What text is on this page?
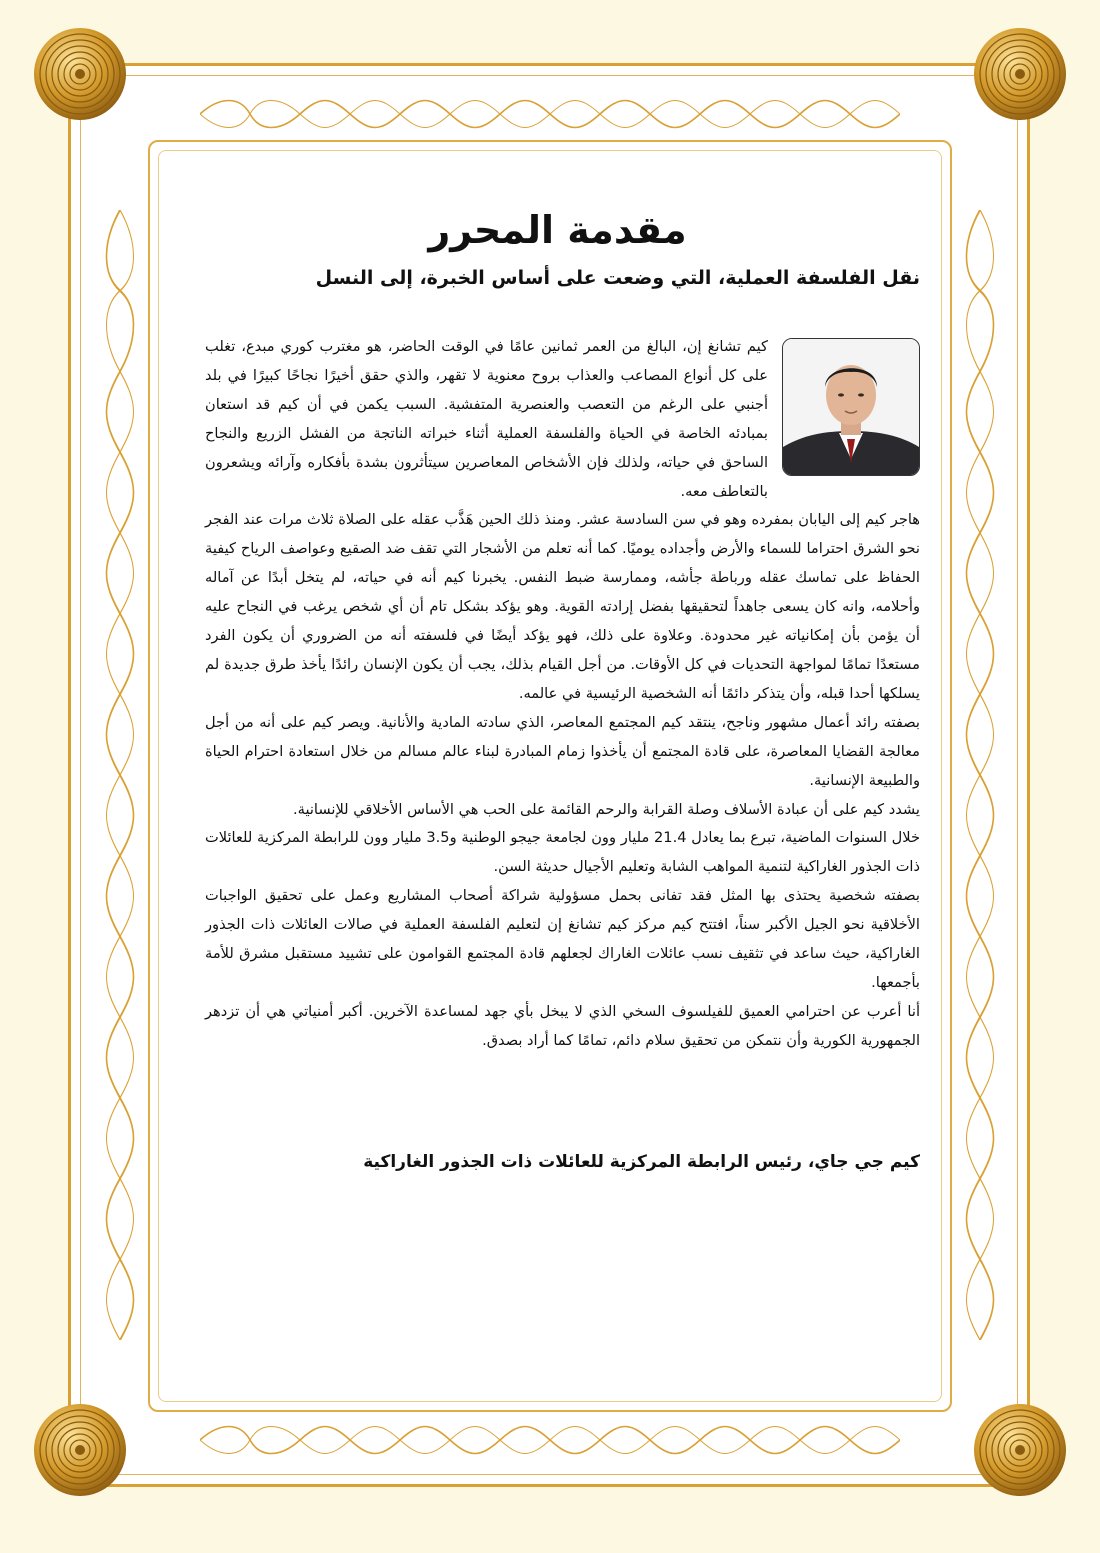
مقدمة المحرر
نقل الفلسفة العملية، التي وضعت على أساس الخبرة، إلى النسل

كيم تشانغ إن، البالغ من العمر ثمانين عامًا في الوقت الحاضر، هو مغترب كوري مبدع، تغلب على كل أنواع المصاعب والعذاب بروح معنوية لا تقهر، والذي حقق أخيرًا نجاحًا كبيرًا في بلد أجنبي على الرغم من التعصب والعنصرية المتفشية. السبب يكمن في أن كيم قد استعان بمبادئه الخاصة في الحياة والفلسفة العملية أثناء خبراته الناتجة من الفشل الزريع والنجاح الساحق في حياته، ولذلك فإن الأشخاص المعاصرين سيتأثرون بشدة بأفكاره وآرائه ويشعرون بالتعاطف معه.

هاجر كيم إلى اليابان بمفرده وهو في سن السادسة عشر. ومنذ ذلك الحين هَذَّب عقله على الصلاة ثلاث مرات عند الفجر نحو الشرق احتراما للسماء والأرض وأجداده يوميًا. كما أنه تعلم من الأشجار التي تقف ضد الصقيع وعواصف الرياح كيفية الحفاظ على تماسك عقله ورباطة جأشه، وممارسة ضبط النفس. يخبرنا كيم أنه في حياته، لم يتخل أبدًا عن آماله وأحلامه، وانه كان يسعى جاهداً لتحقيقها بفضل إرادته القوية. وهو يؤكد بشكل تام أن أي شخص يرغب في النجاح عليه أن يؤمن بأن إمكانياته غير محدودة. وعلاوة على ذلك، فهو يؤكد أيضًا في فلسفته أنه من الضروري أن يكون الفرد مستعدًا تمامًا لمواجهة التحديات في كل الأوقات. من أجل القيام بذلك، يجب أن يكون الإنسان رائدًا يأخذ طرق جديدة لم يسلكها أحدا قبله، وأن يتذكر دائمًا أنه الشخصية الرئيسية في عالمه.

بصفته رائد أعمال مشهور وناجح، ينتقد كيم المجتمع المعاصر، الذي سادته المادية والأنانية. ويصر كيم على أنه من أجل معالجة القضايا المعاصرة، على قادة المجتمع أن يأخذوا زمام المبادرة لبناء عالم مسالم من خلال استعادة احترام الحياة والطبيعة الإنسانية.

يشدد كيم على أن عبادة الأسلاف وصلة القرابة والرحم القائمة على الحب هي الأساس الأخلاقي للإنسانية.

خلال السنوات الماضية، تبرع بما يعادل 21.4 مليار وون لجامعة جيجو الوطنية و3.5 مليار وون للرابطة المركزية للعائلات ذات الجذور الغاراكية لتنمية المواهب الشابة وتعليم الأجيال حديثة السن.

بصفته شخصية يحتذى بها المثل فقد تفانى بحمل مسؤولية شراكة أصحاب المشاريع وعمل على تحقيق الواجبات الأخلاقية نحو الجيل الأكبر سناً، افتتح كيم مركز كيم تشانغ إن لتعليم الفلسفة العملية في صالات العائلات ذات الجذور الغاراكية، حيث ساعد في تثقيف نسب عائلات الغاراك لجعلهم قادة المجتمع القوامون على تشييد مستقبل مشرق للأمة بأجمعها.

أنا أعرب عن احترامي العميق للفيلسوف السخي الذي لا يبخل بأي جهد لمساعدة الآخرين. أكبر أمنياتي هي أن تزدهر الجمهورية الكورية وأن نتمكن من تحقيق سلام دائم، تمامًا كما أراد بصدق.

كيم جي جاي، رئيس الرابطة المركزية للعائلات ذات الجذور الغاراكية
